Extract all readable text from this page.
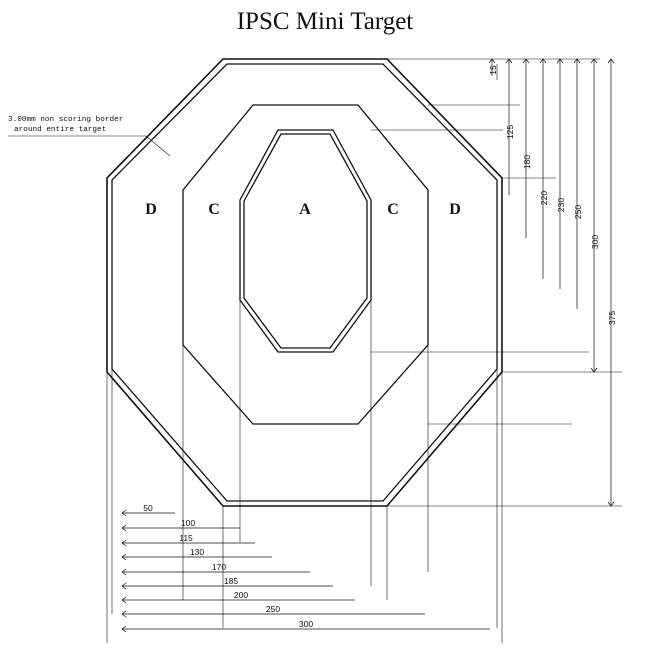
IPSC Mini Target
D	C	A	C	D
3.00mm non scoring border
around entire target
15
125
180
220 230 250
300
375
50
100
115
130
170
185
200
250
300
